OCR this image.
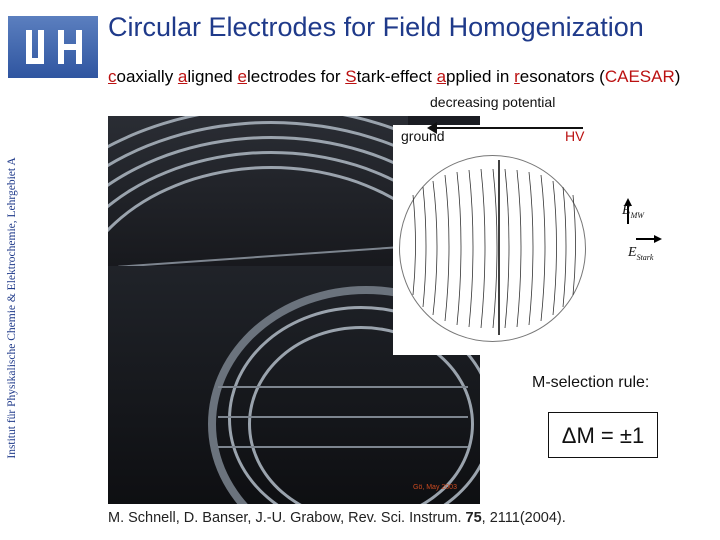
Circular Electrodes for Field Homogenization
coaxially aligned electrodes for Stark-effect applied in resonators (CAESAR)
Institut für Physikalische Chemie & Elektrochemie, Lehrgebiet A
Gö, May 2003
decreasing potential
ground	HV
$E_{MW}$
$E_{Stark}$
M-selection rule:
ΔM = ±1
M. Schnell, D. Banser, J.-U. Grabow, Rev. Sci. Instrum. 75, 2111(2004).
